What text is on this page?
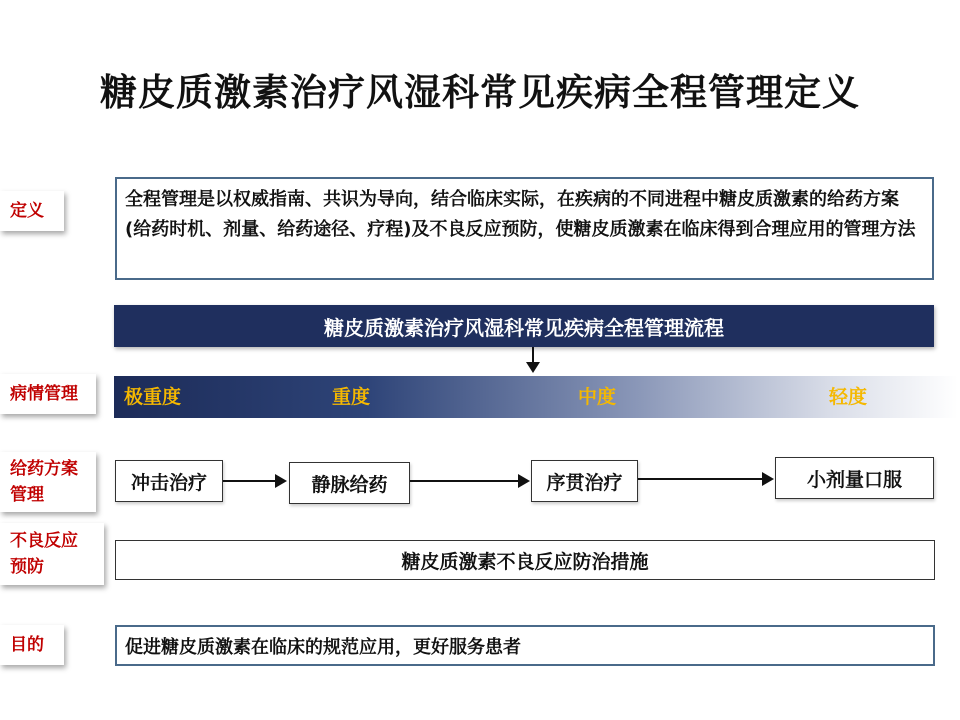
糖皮质激素治疗风湿科常见疾病全程管理定义
定义
全程管理是以权威指南、共识为导向，结合临床实际，在疾病的不同进程中糖皮质激素的给药方案(给药时机、剂量、给药途径、疗程)及不良反应预防，使糖皮质激素在临床得到合理应用的管理方法
糖皮质激素治疗风湿科常见疾病全程管理流程
病情管理 极重度	重度	中度	轻度
给药方案
管理
冲击治疗	静脉给药	序贯治疗	小剂量口服
不良反应
预防	糖皮质激素不良反应防治措施
目的	促进糖皮质激素在临床的规范应用，更好服务患者
